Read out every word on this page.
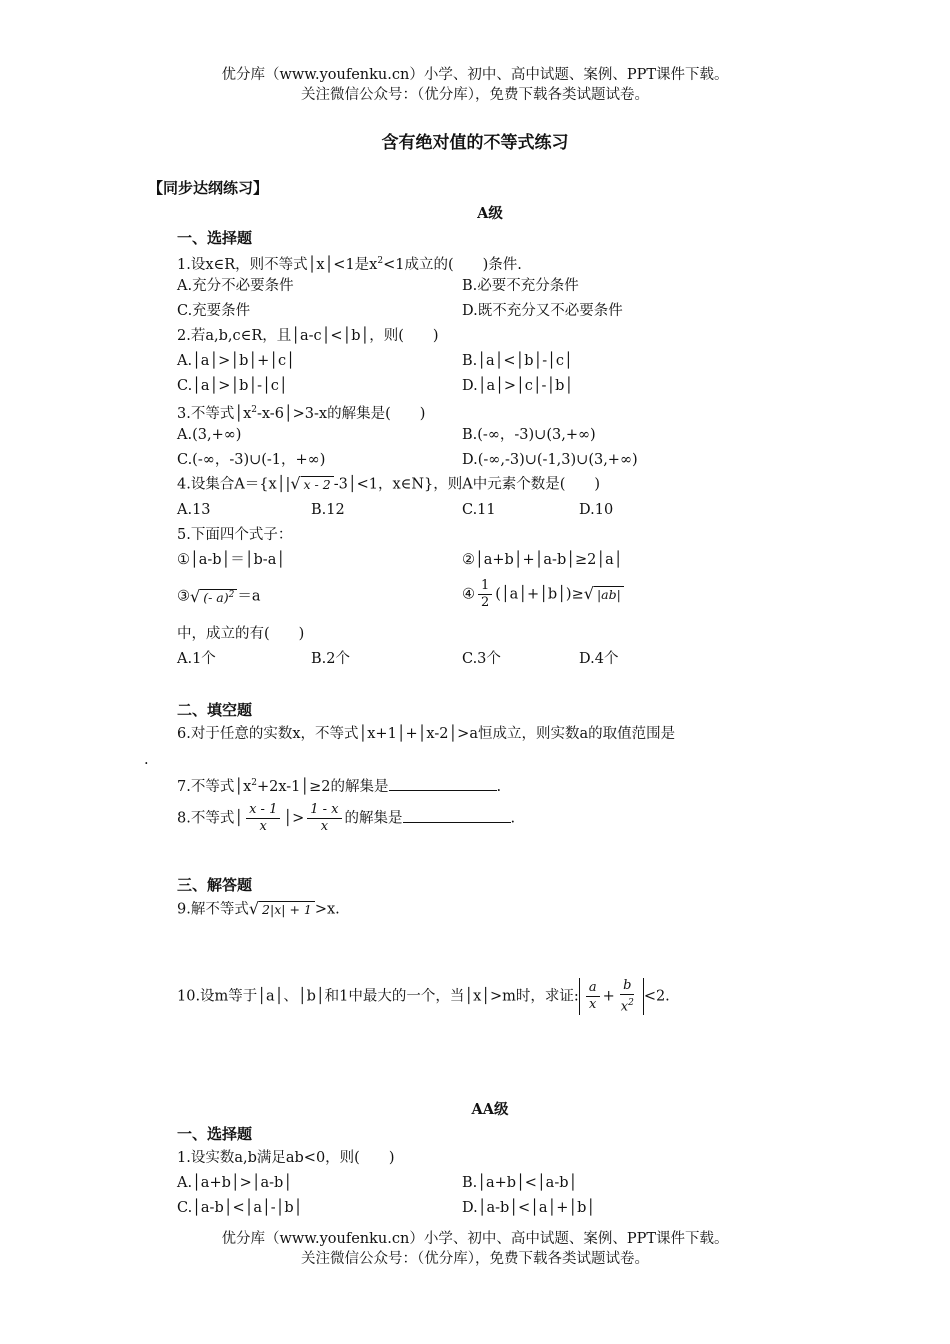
优分库（www.youfenku.cn）小学、初中、高中试题、案例、PPT课件下载。
关注微信公众号：（优分库），免费下载各类试题试卷。
含有绝对值的不等式练习
【同步达纲练习】
A级
一、选择题
1.设x∈R，则不等式│x│<1是$x^2<1$成立的(　　)条件.
A.充分不必要条件	B.必要不充分条件
C.充要条件	D.既不充分又不必要条件
2.若a,b,c∈R，且│a-c│<│b│，则(　　)
A.│a│>│b│+│c│	B.│a│<│b│-│c│
C.│a│>│b│-│c│	D.│a│>│c│-│b│
3.不等式$│x^2-x-6│>3-x$的解集是(　　)
A.(3,+∞)	B.(-∞，-3)∪(3,+∞)
C.(-∞，-3)∪(-1，+∞)	D.(-∞,-3)∪(-1,3)∪(3,+∞)
4.设集合A＝{x│|√ x - 2 -3│<1，x∈N}，则A中元素个数是(　　)
A.13	B.12	C.11	D.10
5.下面四个式子：
①│a-b│＝│b-a│	②│a+b│+│a-b│≥2│a│
③√ (- a)$^2$ ＝a	④ $\frac{1}{2}$ (│a│+│b│)≥√ |ab|
中，成立的有(　　)
A.1个	B.2个	C.3个	D.4个
二、填空题
6.对于任意的实数x，不等式│x+1│+│x-2│>a恒成立，则实数a的取值范围是
.
7.不等式$│x^2+2x-1│\ge 2$的解集是	.
8.不等式│ $\frac{x - 1}{x}$ │> $\frac{1 - x}{x}$ 的解集是	.
三、解答题
9.解不等式√ 2|x| + 1 >x.
10.设m等于│a│、│b│和1中最大的一个，当│x│>m时，求证: $\frac{a}{x} + \frac{b}{x^2} <2$.
AA级
一、选择题
1.设实数a,b满足ab<0，则(　　)
A.│a+b│>│a-b│	B.│a+b│<│a-b│
C.│a-b│<│a│-│b│	D.│a-b│<│a│+│b│
优分库（www.youfenku.cn）小学、初中、高中试题、案例、PPT课件下载。
关注微信公众号：（优分库），免费下载各类试题试卷。
